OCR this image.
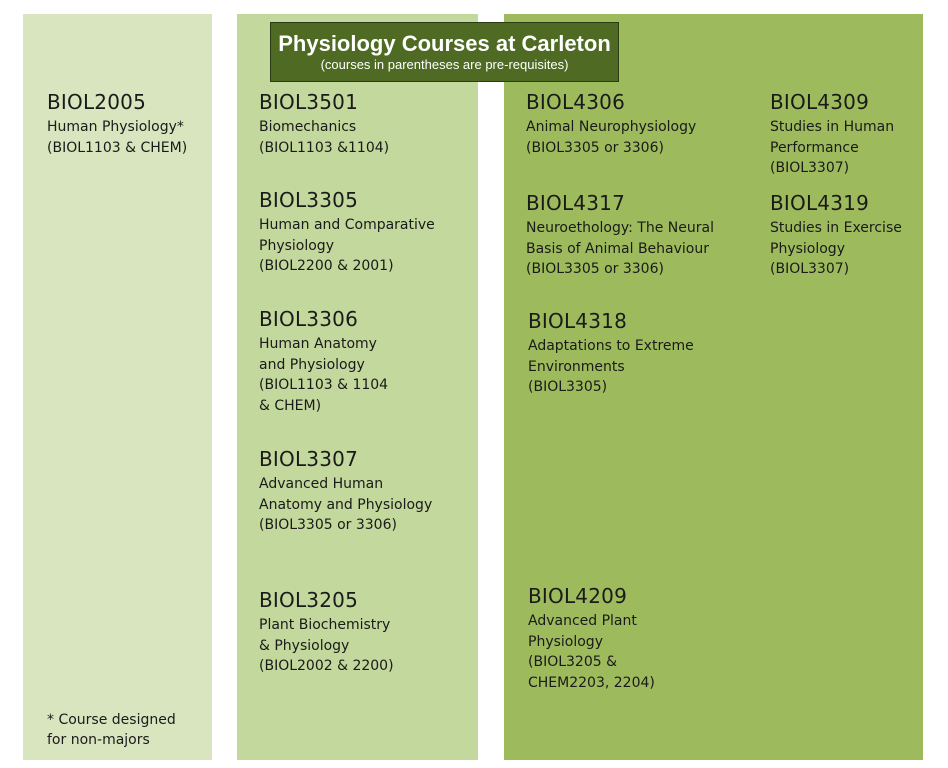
Physiology Courses at Carleton
(courses in parentheses are pre-requisites)
BIOL2005
Human Physiology*
(BIOL1103 & CHEM)
BIOL3501
Biomechanics
(BIOL1103 &1104)
BIOL3305
Human and Comparative
Physiology
(BIOL2200 & 2001)
BIOL3306
Human Anatomy
and Physiology
(BIOL1103 & 1104
& CHEM)
BIOL3307
Advanced Human
Anatomy and Physiology
(BIOL3305 or 3306)
BIOL3205
Plant Biochemistry
& Physiology
(BIOL2002 & 2200)
BIOL4306
Animal Neurophysiology
(BIOL3305 or 3306)
BIOL4317
Neuroethology: The Neural
Basis of Animal Behaviour
(BIOL3305 or 3306)
BIOL4318
Adaptations to Extreme
Environments
(BIOL3305)
BIOL4209
Advanced Plant
Physiology
(BIOL3205 &
CHEM2203, 2204)
BIOL4309
Studies in Human
Performance
(BIOL3307)
BIOL4319
Studies in Exercise
Physiology
(BIOL3307)
* Course designed
for non-majors
